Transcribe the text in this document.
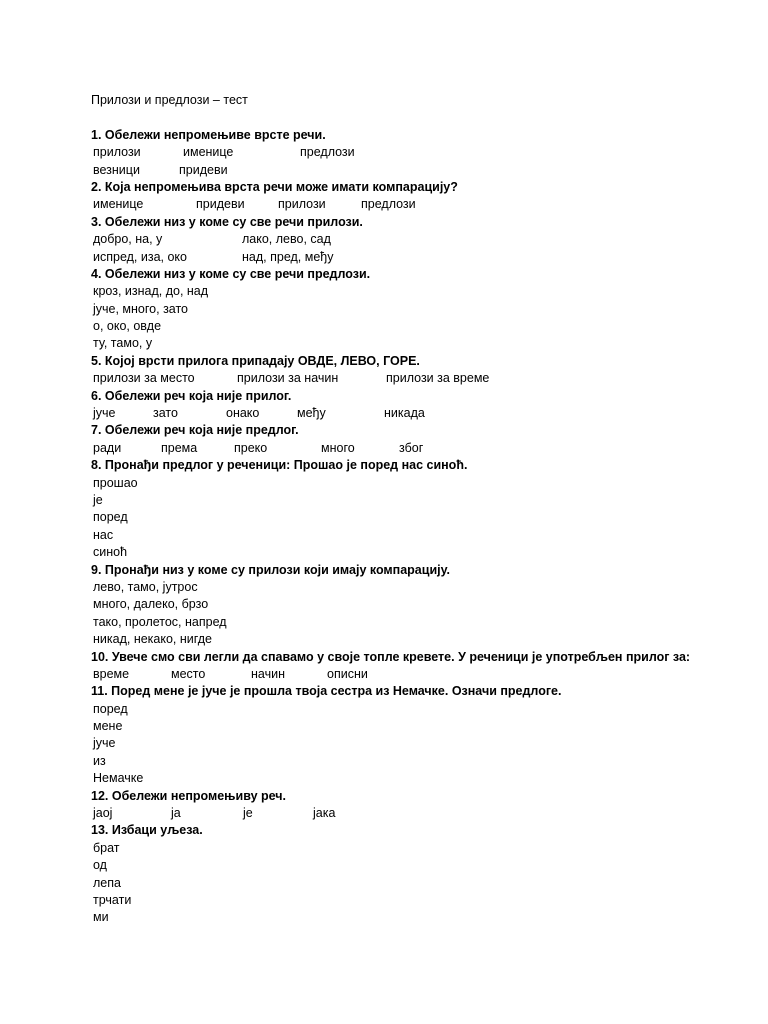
Прилози и предлози – тест
1. Обележи непромењиве врсте речи.
прилози	именице	предлози
везници	придеви
2. Која непромењива врста речи може имати компарацију?
именице	придеви	прилози	предлози
3. Обележи низ у коме су све речи прилози.
добро, на, у	лако, лево, сад
испред, иза, око	над, пред, међу
4. Обележи низ у коме су све речи предлози.
кроз, изнад, до, над
јуче, много, зато
о, око, овде
ту, тамо, у
5. Којој врсти прилога припадају ОВДЕ, ЛЕВО, ГОРЕ.
прилози за место	прилози за начин	прилози за време
6. Обележи реч која није прилог.
јуче	зато	онако	међу	никада
7. Обележи реч која није предлог.
ради	према	преко	много	због
8. Пронађи предлог у реченици: Прошао је поред нас синоћ.
прошао
је
поред
нас
синоћ
9. Пронађи низ у коме су прилози који имају компарацију.
лево, тамо, јутрос
много, далеко, брзо
тако, пролетос, напред
никад, некако, нигде
10. Увече смо сви легли да спавамо у своје топле кревете. У реченици је употребљен прилог за:
време	место	начин	описни
11. Поред мене је јуче је прошла твоја сестра из Немачке. Означи предлоге.
поред
мене
јуче
из
Немачке
12. Обележи непромењиву реч.
јаој	ја	је	јака
13. Избаци уљеза.
брат
од
лепа
трчати
ми
